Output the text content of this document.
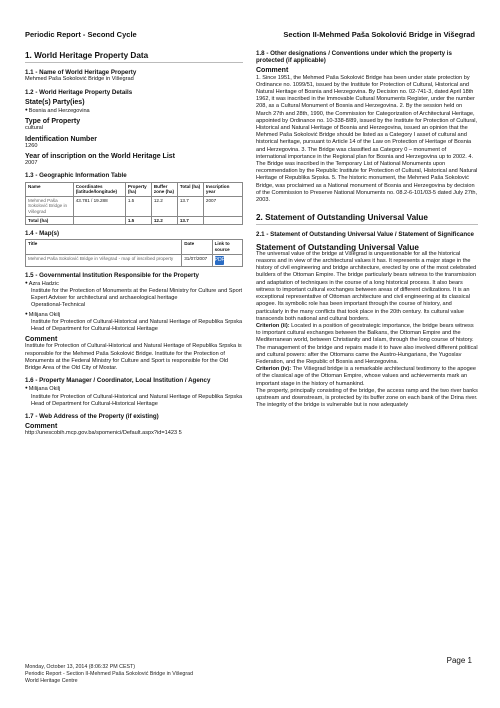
Periodic Report - Second Cycle	Section II-Mehmed Paša Sokolović Bridge in Višegrad
1. World Heritage Property Data
1.1 - Name of World Heritage Property
Mehmed Paša Sokolović Bridge in Višegrad
1.2 - World Heritage Property Details
State(s) Party(ies)
● Bosnia and Herzegovina
Type of Property
cultural
Identification Number
1260
Year of inscription on the World Heritage List
2007
1.3 - Geographic Information Table
Name	Coordinates (latitude/longitude)	Property (ha)	Buffer zone (ha)	Total (ha)	Inscription year
Mehmed Paša Sokolović Bridge in Višegrad	43.781 / 19.288	1.5	12.2	13.7	2007
Total (ha)		1.5	12.2	13.7	
1.4 - Map(s)
Title	Date	Link to source
Mehmed Paša Sokolović Bridge in Višegrad - map of inscribed property	31/07/2007	PDF
1.5 - Governmental Institution Responsible for the Property
● Azra Hadzic
Institute for the Protection of Monuments at the Federal Ministry for Culture and Sport
Expert Adviser for architectural and archaeological heritage
Operational-Technical
● Milijana Okilj
Institute for Protection of Cultural-Historical and Natural Heritage of Republika Srpska
Head of Department for Cultural-Historical Heritage
Comment
Institute for Protection of Cultural-Historical and Natural Heritage of Republika Srpska is responsible for the Mehmed Paša Sokolović Bridge. Institute for the Protection of Monuments at the Federal Ministry for Culture and Sport is responsible for the Old Bridge Area of the Old City of Mostar.
1.6 - Property Manager / Coordinator, Local Institution / Agency
● Milijana Okilj
Institute for Protection of Cultural-Historical and Natural Heritage of Republika Srpska
Head of Department for Cultural-Historical Heritage
1.7 - Web Address of the Property (if existing)
Comment
http://unescobih.mcp.gov.ba/spomenici/Default.aspx?id=1423 5
1.8 - Other designations / Conventions under which the property is protected (if applicable)
Comment
1. Since 1951, the Mehmed Paša Sokolović Bridge has been under state protection by Ordinance no. 1099/51, issued by the Institute for Protection of Cultural, Historical and Natural Heritage of Bosnia and Herzegovina. By Decision no. 02-741-3, dated April 18th 1962, it was inscribed in the Immovable Cultural Monuments Register, under the number 208, as a Cultural Monument of Bosnia and Herzegovina. 2. By the session held on March 27th and 28th, 1990, the Commission for Categorization of Architectural Heritage, appointed by Ordinance no. 10-338-8/89, issued by the Institute for Protection of Cultural, Historical and Natural Heritage of Bosnia and Herzegovina, issued an opinion that the Mehmed Paša Sokolović Bridge should be listed as a Category I asset of cultural and historical heritage, pursuant to Article 14 of the Law on Protection of Heritage of Bosnia and Herzegovina. 3. The Bridge was classified as Category 0 – monument of international importance in the Regional plan for Bosnia and Herzegovina up to 2002. 4. The Bridge was inscribed in the Temporary List of National Monuments upon recommendation by the Republic Institute for Protection of Cultural, Historical and Natural Heritage of Republika Srpska. 5. The historic monument, the Mehmed Paša Sokolović Bridge, was proclaimed as a National monument of Bosnia and Herzegovina by decision of the Commission to Preserve National Monuments no. 08.2-6-101/03-5 dated July 27th, 2003.
2. Statement of Outstanding Universal Value
2.1 - Statement of Outstanding Universal Value / Statement of Significance
Statement of Outstanding Universal Value
The universal value of the bridge at Višegrad is unquestionable for all the historical reasons and in view of the architectural values it has. It represents a major stage in the history of civil engineering and bridge architecture, erected by one of the most celebrated builders of the Ottoman Empire. The bridge particularly bears witness to the transmission and adaptation of techniques in the course of a long historical process. It also bears witness to important cultural exchanges between areas of different civilizations. It is an exceptional representative of Ottoman architecture and civil engineering at its classical apogee. Its symbolic role has been important through the course of history, and particularly in the many conflicts that took place in the 20th century. Its cultural value transcends both national and cultural borders.
Criterion (ii): Located in a position of geostrategic importance, the bridge bears witness to important cultural exchanges between the Balkans, the Ottoman Empire and the Mediterranean world, between Christianity and Islam, through the long course of history. The management of the bridge and repairs made it to have also involved different political and cultural powers: after the Ottomans came the Austro-Hungarians, the Yugoslav Federation, and the Republic of Bosnia and Herzegovina.
Criterion (iv): The Višegrad bridge is a remarkable architectural testimony to the apogee of the classical age of the Ottoman Empire, whose values and achievements mark an important stage in the history of humankind.
The property, principally consisting of the bridge, the access ramp and the two river banks upstream and downstream, is protected by its buffer zone on each bank of the Drina river. The integrity of the bridge is vulnerable but is now adequately
Page 1
Monday, October 13, 2014 (8:06:32 PM CEST)
Periodic Report - Section II-Mehmed Paša Sokolović Bridge in Višegrad
World Heritage Centre
